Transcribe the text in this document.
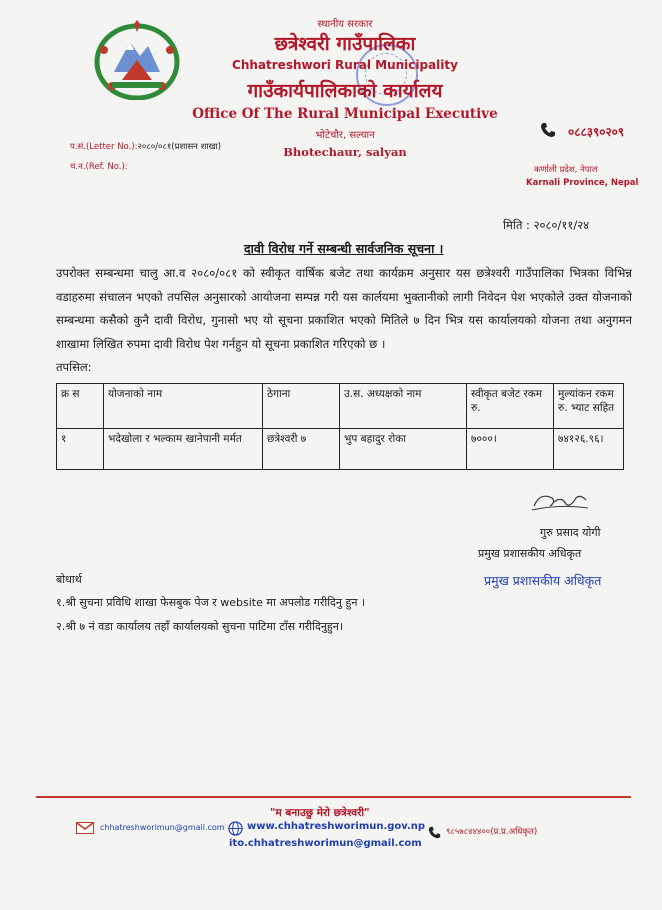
स्थानीय सरकार
छत्रेश्वरी गाउँपालिका
Chhatreshwori Rural Municipality
गाउँकार्यपालिकाको कार्यालय
Office Of The Rural Municipal Executive
भोटेचौर, सल्यान
Bhotechaur, salyan
०८८३९०२०९
कर्णाली प्रदेश, नेपाल
Karnali Province, Nepal
प.सं.(Letter No.):२०८०/०८१(प्रशासन शाखा)
च.न.(Ref. No.):
मिति : २०८०/११/२४
दावी विरोध गर्ने सम्बन्धी सार्वजनिक सूचना ।
उपरोक्त सम्बन्धमा चालु आ.व २०८०/०८१ को स्वीकृत वार्षिक बजेट तथा कार्यक्रम अनुसार यस छत्रेश्वरी गाउँपालिका भित्रका विभिन्न वडाहरुमा संचालन भएको तपसिल अनुसारको आयोजना सम्पन्न गरी यस कार्लयमा भुक्तानीको लागी निवेदन पेश भएकोले उक्त योजनाको सम्बन्धमा कसैको कुनै दावी विरोध, गुनासो भए यो सूचना प्रकाशित भएको मितिले ७ दिन भित्र यस कार्यालयको योजना तथा अनुगमन शाखामा लिखित रुपमा दावी विरोध पेश गर्नहुन यो सूचना प्रकाशित गरिएको छ ।
तपसिल:
क्र स	योजनाको नाम	ठेगाना	उ.स. अध्यक्षको नाम	स्वीकृत बजेट रकम रु.	मुल्यांकन रकम रु. भ्याट सहित
१	भदेखोला र भल्काम खानेपानी मर्मत	छत्रेश्वरी ७	भुप बहादुर रोका	७०००।	७४१२६.९६।
गुरु प्रसाद योगी
प्रमुख प्रशासकीय अधिकृत
प्रमुख प्रशासकीय अधिकृत
बोधार्थ
१.श्री सुचना प्रविधि शाखा फेसबुक पेज र website मा अपलोड गरीदिनु हुन ।
२.श्री ७ नं वडा कार्यालय तहाँ कार्यालयको सुचना पाटिमा टाँस गरीदिनुहुन।
"म बनाउछु मेरो छत्रेश्वरी"
chhatreshworimun@gmail.com www.chhatreshworimun.gov.np
ito.chhatreshworimun@gmail.com
९८५७८४४४००(प्र.प्र.अधिकृत)
